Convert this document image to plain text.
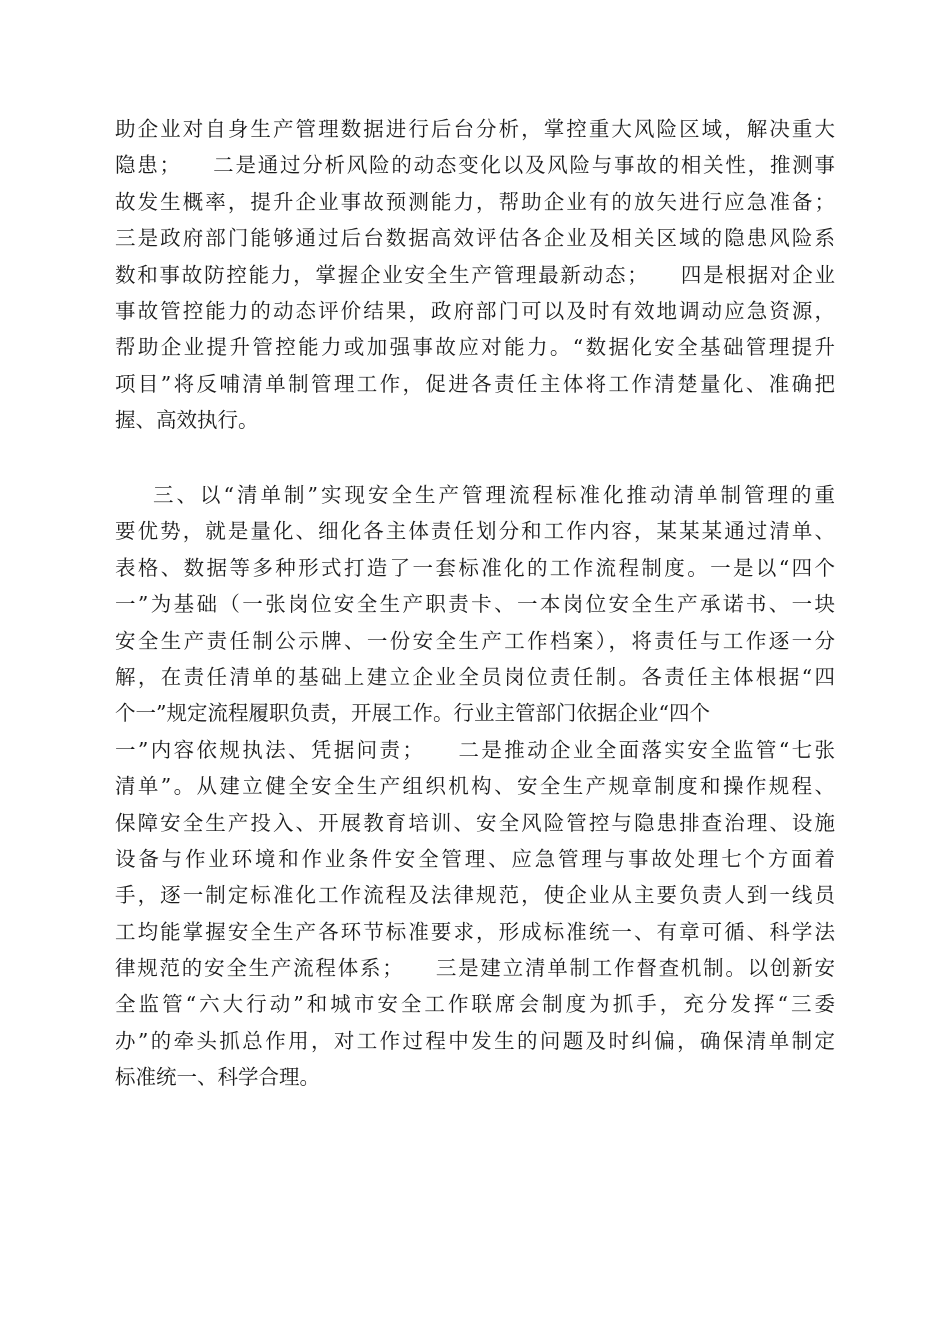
助企业对自身生产管理数据进行后台分析，掌控重大风险区域，解决重大
隐患；    二是通过分析风险的动态变化以及风险与事故的相关性，推测事
故发生概率，提升企业事故预测能力，帮助企业有的放矢进行应急准备；
三是政府部门能够通过后台数据高效评估各企业及相关区域的隐患风险系
数和事故防控能力，掌握企业安全生产管理最新动态；    四是根据对企业
事故管控能力的动态评价结果，政府部门可以及时有效地调动应急资源，
帮助企业提升管控能力或加强事故应对能力。“数据化安全基础管理提升
项目”将反哺清单制管理工作，促进各责任主体将工作清楚量化、准确把
握、高效执行。
三、以“清单制”实现安全生产管理流程标准化推动清单制管理的重
要优势，就是量化、细化各主体责任划分和工作内容，某某某通过清单、
表格、数据等多种形式打造了一套标准化的工作流程制度。一是以“四个
一”为基础（一张岗位安全生产职责卡、一本岗位安全生产承诺书、一块
安全生产责任制公示牌、一份安全生产工作档案），将责任与工作逐一分
解，在责任清单的基础上建立企业全员岗位责任制。各责任主体根据“四
个一”规定流程履职负责，开展工作。行业主管部门依据企业“四个
一”内容依规执法、凭据问责；    二是推动企业全面落实安全监管“七张
清单”。从建立健全安全生产组织机构、安全生产规章制度和操作规程、
保障安全生产投入、开展教育培训、安全风险管控与隐患排查治理、设施
设备与作业环境和作业条件安全管理、应急管理与事故处理七个方面着
手，逐一制定标准化工作流程及法律规范，使企业从主要负责人到一线员
工均能掌握安全生产各环节标准要求，形成标准统一、有章可循、科学法
律规范的安全生产流程体系；    三是建立清单制工作督查机制。以创新安
全监管“六大行动”和城市安全工作联席会制度为抓手，充分发挥“三委
办”的牵头抓总作用，对工作过程中发生的问题及时纠偏，确保清单制定
标准统一、科学合理。
